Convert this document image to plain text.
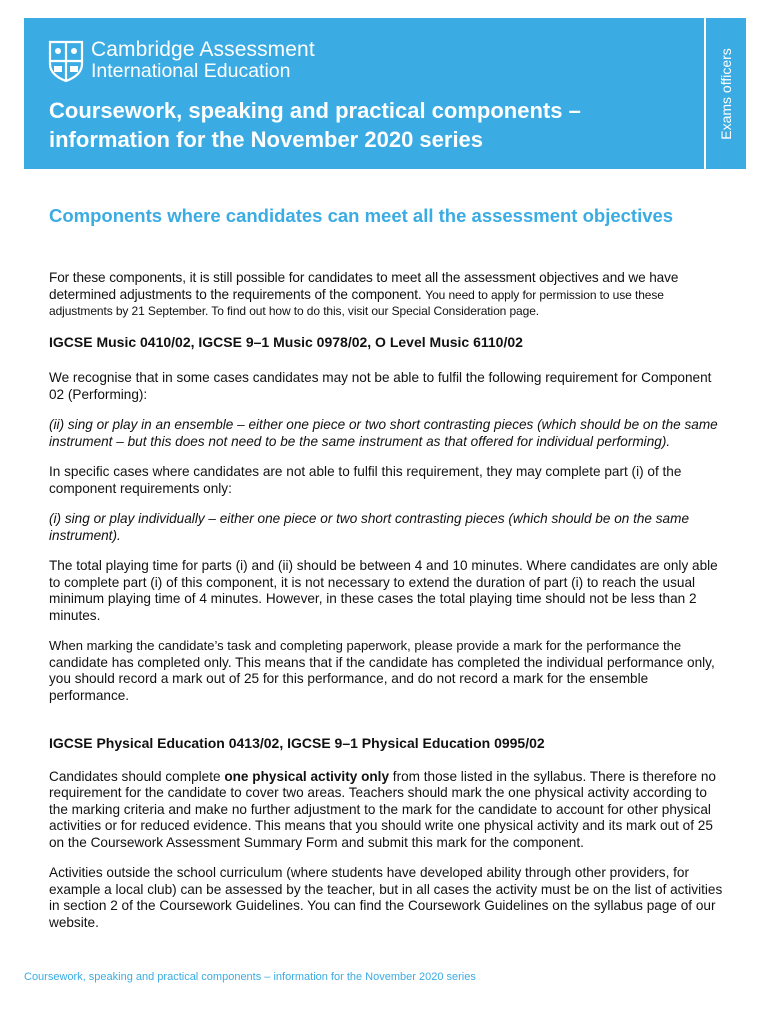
Cambridge Assessment
International Education
Coursework, speaking and practical components – information for the November 2020 series
Exams officers
Components where candidates can meet all the assessment objectives

For these components, it is still possible for candidates to meet all the assessment objectives and we have determined adjustments to the requirements of the component. You need to apply for permission to use these adjustments by 21 September. To find out how to do this, visit our Special Consideration page.

IGCSE Music 0410/02, IGCSE 9–1 Music 0978/02, O Level Music 6110/02

We recognise that in some cases candidates may not be able to fulfil the following requirement for Component 02 (Performing):

(ii) sing or play in an ensemble – either one piece or two short contrasting pieces (which should be on the same instrument – but this does not need to be the same instrument as that offered for individual performing).

In specific cases where candidates are not able to fulfil this requirement, they may complete part (i) of the component requirements only:

(i) sing or play individually – either one piece or two short contrasting pieces (which should be on the same instrument).

The total playing time for parts (i) and (ii) should be between 4 and 10 minutes. Where candidates are only able to complete part (i) of this component, it is not necessary to extend the duration of part (i) to reach the usual minimum playing time of 4 minutes. However, in these cases the total playing time should not be less than 2 minutes.

When marking the candidate’s task and completing paperwork, please provide a mark for the performance the candidate has completed only. This means that if the candidate has completed the individual performance only, you should record a mark out of 25 for this performance, and do not record a mark for the ensemble performance.

IGCSE Physical Education 0413/02, IGCSE 9–1 Physical Education 0995/02

Candidates should complete one physical activity only from those listed in the syllabus. There is therefore no requirement for the candidate to cover two areas. Teachers should mark the one physical activity according to the marking criteria and make no further adjustment to the mark for the candidate to account for other physical activities or for reduced evidence. This means that you should write one physical activity and its mark out of 25 on the Coursework Assessment Summary Form and submit this mark for the component.

Activities outside the school curriculum (where students have developed ability through other providers, for example a local club) can be assessed by the teacher, but in all cases the activity must be on the list of activities in section 2 of the Coursework Guidelines. You can find the Coursework Guidelines on the syllabus page of our website.

Coursework, speaking and practical components – information for the November 2020 series
